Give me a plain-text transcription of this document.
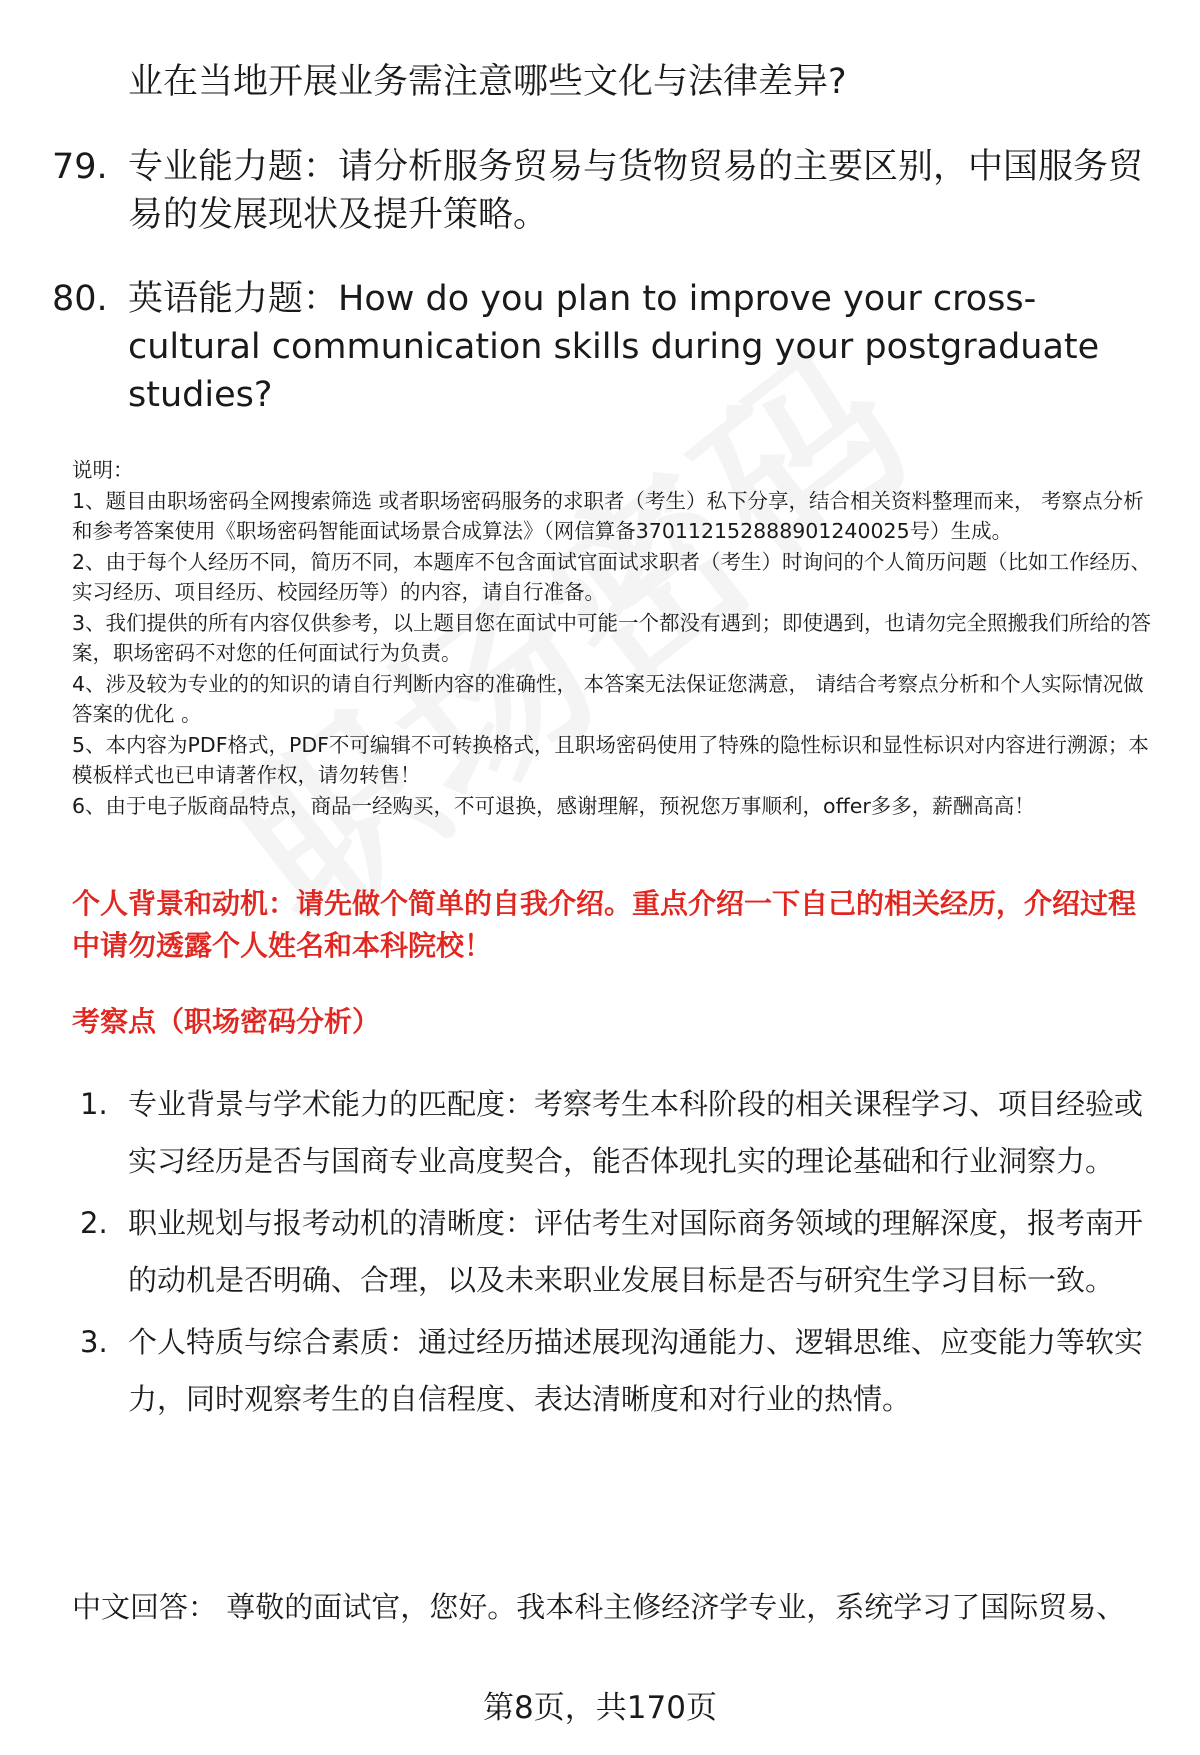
业在当地开展业务需注意哪些文化与法律差异?
79. 专业能力题：请分析服务贸易与货物贸易的主要区别，中国服务贸易的发展现状及提升策略。
80. 英语能力题：How do you plan to improve your cross-cultural communication skills during your postgraduate studies?

说明：

1、题目由职场密码全网搜索筛选 或者职场密码服务的求职者（考生）私下分享，结合相关资料整理而来， 考察点分析和参考答案使用《职场密码智能面试场景合成算法》（网信算备370112152888901240025号）生成。

2、由于每个人经历不同，简历不同，本题库不包含面试官面试求职者（考生）时询问的个人简历问题（比如工作经历、实习经历、项目经历、校园经历等）的内容，请自行准备。

3、我们提供的所有内容仅供参考，以上题目您在面试中可能一个都没有遇到；即使遇到，也请勿完全照搬我们所给的答案，职场密码不对您的任何面试行为负责。

4、涉及较为专业的的知识的请自行判断内容的准确性， 本答案无法保证您满意， 请结合考察点分析和个人实际情况做答案的优化 。

5、本内容为PDF格式，PDF不可编辑不可转换格式，且职场密码使用了特殊的隐性标识和显性标识对内容进行溯源；本模板样式也已申请著作权，请勿转售！

6、由于电子版商品特点，商品一经购买，不可退换，感谢理解，预祝您万事顺利，offer多多，薪酬高高！

个人背景和动机：请先做个简单的自我介绍。重点介绍一下自己的相关经历，介绍过程中请勿透露个人姓名和本科院校！
考察点（职场密码分析）
1. 专业背景与学术能力的匹配度：考察考生本科阶段的相关课程学习、项目经验或实习经历是否与国商专业高度契合，能否体现扎实的理论基础和行业洞察力。
2. 职业规划与报考动机的清晰度：评估考生对国际商务领域的理解深度，报考南开的动机是否明确、合理，以及未来职业发展目标是否与研究生学习目标一致。
3. 个人特质与综合素质：通过经历描述展现沟通能力、逻辑思维、应变能力等软实力，同时观察考生的自信程度、表达清晰度和对行业的热情。
中文回答： 尊敬的面试官，您好。我本科主修经济学专业，系统学习了国际贸易、
第8页，共170页
